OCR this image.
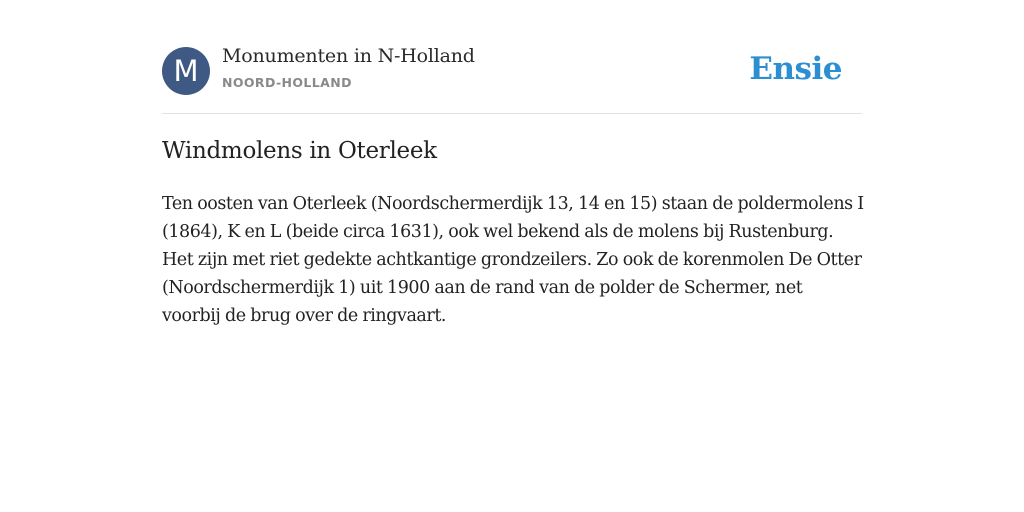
M	Monumenten in N-Holland
NOORD-HOLLAND	Ensie
Windmolens in Oterleek

Ten oosten van Oterleek (Noordschermerdijk 13, 14 en 15) staan de poldermolens I (1864), K en L (beide circa 1631), ook wel bekend als de molens bij Rustenburg. Het zijn met riet gedekte achtkantige grondzeilers. Zo ook de korenmolen De Otter (Noordschermerdijk 1) uit 1900 aan de rand van de polder de Schermer, net voorbij de brug over de ringvaart.
